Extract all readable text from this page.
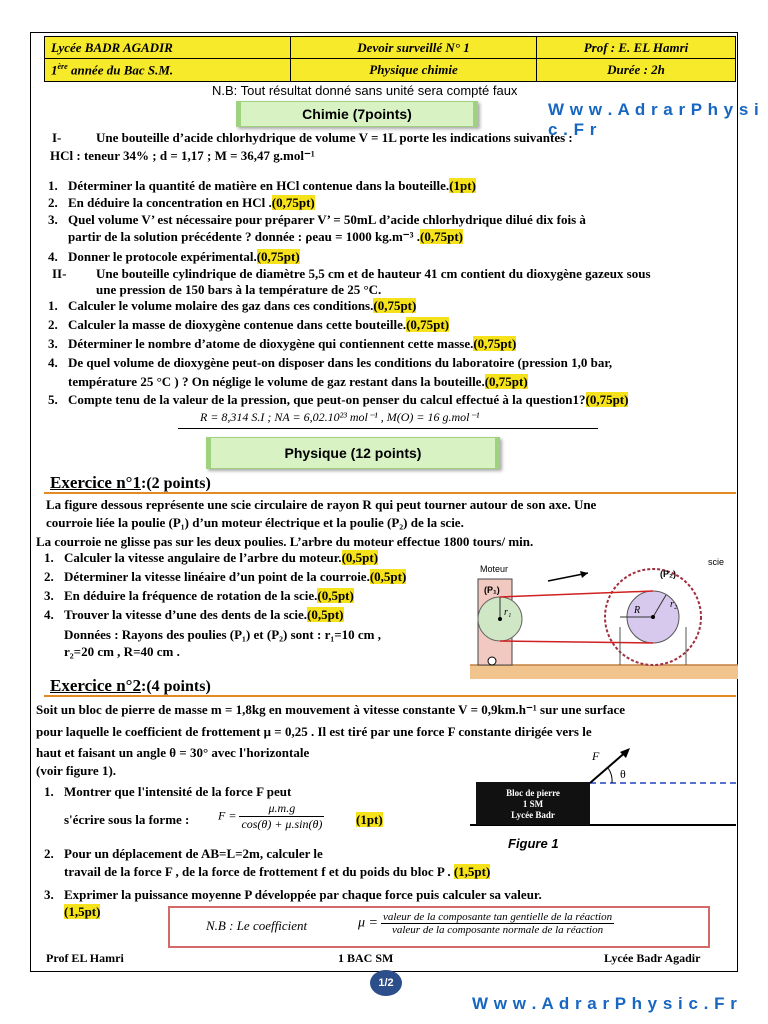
Lycée BADR AGADIR	Devoir surveillé N° 1	Prof : E. EL Hamri
1ère année du Bac S.M.	Physique chimie	Durée : 2h
N.B: Tout résultat donné sans unité sera compté faux
Chimie (7points)	W w w . A d r a r P h y s i c . F r
I-	Une bouteille d’acide chlorhydrique de volume V = 1L porte les indications suivantes :
HCl : teneur 34% ; d = 1,17 ; M = 36,47 g.mol⁻¹
1. Déterminer la quantité de matière en HCl contenue dans la bouteille.(1pt)
2. En déduire la concentration en HCl .(0,75pt)
3. Quel volume V’ est nécessaire pour préparer V’ = 50mL d’acide chlorhydrique dilué dix fois à
partir de la solution précédente ? donnée : ρeau = 1000 kg.m⁻³ .(0,75pt)
4. Donner le protocole expérimental.(0,75pt)
II- Une bouteille cylindrique de diamètre 5,5 cm et de hauteur 41 cm contient du dioxygène gazeux sous
une pression de 150 bars à la température de 25 °C.
1. Calculer le volume molaire des gaz dans ces conditions.(0,75pt)
2. Calculer la masse de dioxygène contenue dans cette bouteille.(0,75pt)
3. Déterminer le nombre d’atome de dioxygène qui contiennent cette masse.(0,75pt)
4. De quel volume de dioxygène peut-on disposer dans les conditions du laboratoire (pression 1,0 bar,
température 25 °C ) ? On néglige le volume de gaz restant dans la bouteille.(0,75pt)
5. Compte tenu de la valeur de la pression, que peut-on penser du calcul effectué à la question1?(0,75pt)
R = 8,314 S.I ; NA = 6,02.10²³ mol⁻¹ , M(O) = 16 g.mol⁻¹
Physique (12 points)
Exercice n°1:(2 points)
La figure dessous représente une scie circulaire de rayon R qui peut tourner autour de son axe. Une
courroie liée la poulie (P₁) d’un moteur électrique et la poulie (P₂) de la scie.
La courroie ne glisse pas sur les deux poulies. L’arbre du moteur effectue 1800 tours/ min.
1. Calculer la vitesse angulaire de l’arbre du moteur.(0,5pt)
2. Déterminer la vitesse linéaire d’un point de la courroie.(0,5pt)
3. En déduire la fréquence de rotation de la scie.(0,5pt)
4. Trouver la vitesse d’une des dents de la scie.(0,5pt)
Données : Rayons des poulies (P₁) et (P₂) sont : r₁=10 cm ,
r₂=20 cm , R=40 cm .
Moteur
scie
(P₁)
(P₂)
r₁
r₂
R
Exercice n°2:(4 points)
Soit un bloc de pierre de masse m = 1,8kg en mouvement à vitesse constante V = 0,9km.h⁻¹ sur une surface
pour laquelle le coefficient de frottement μ = 0,25 . Il est tiré par une force F constante dirigée vers le
haut et faisant un angle θ = 30° avec l'horizontale
(voir figure 1).
1. Montrer que l'intensité de la force F peut
s'écrire sous la forme : $F = \frac{\mu.m.g}{\cos(\theta) + \mu.\sin(\theta)} (1pt)$
2. Pour un déplacement de AB=L=2m, calculer le
travail de la force F , de la force de frottement f et du poids du bloc P . (1,5pt)
3. Exprimer la puissance moyenne P développée par chaque force puis calculer sa valeur.
(1,5pt)
Bloc de pierre
1 SM
Lycée Badr
F
θ
Figure 1
N.B : Le coefficient	$\mu = \frac{\text{valeur de la composante tan gentielle de la réaction}}{\text{valeur de la composante normale de la réaction}}$
Prof EL Hamri	1 BAC SM	Lycée Badr Agadir
1/2
W w w . A d r a r P h y s i c . F r
